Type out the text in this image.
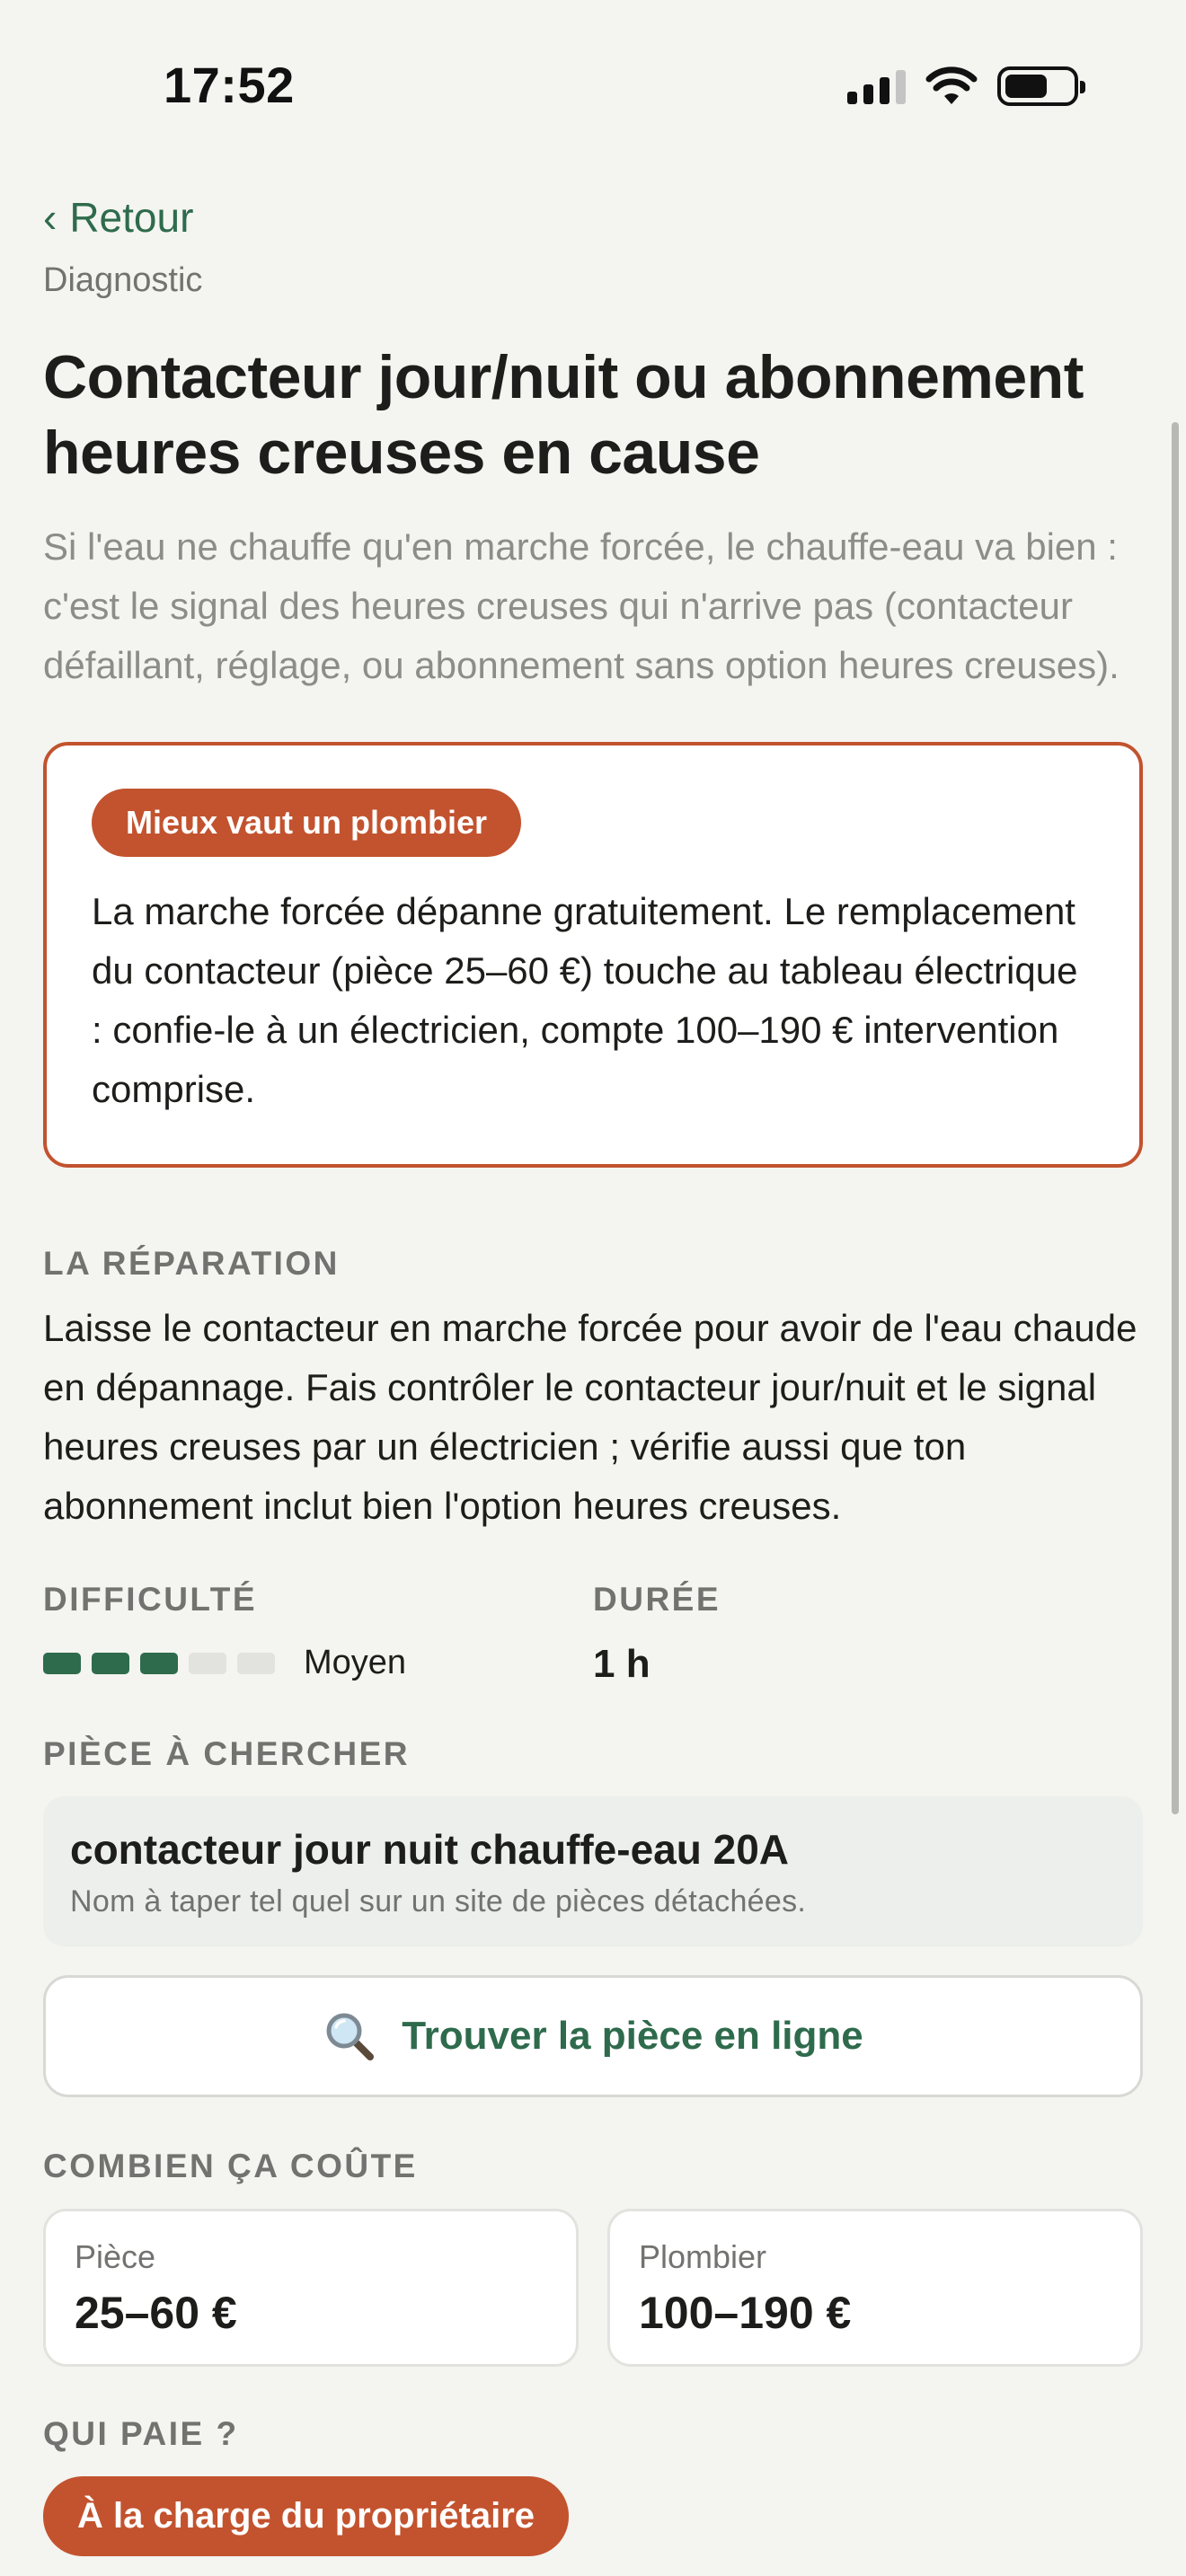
17:52
‹ Retour
Diagnostic
Contacteur jour/nuit ou abonnement heures creuses en cause

Si l'eau ne chauffe qu'en marche forcée, le chauffe-eau va bien : c'est le signal des heures creuses qui n'arrive pas (contacteur défaillant, réglage, ou abonnement sans option heures creuses).

Mieux vaut un plombier

La marche forcée dépanne gratuitement. Le remplacement du contacteur (pièce 25–60 €) touche au tableau électrique : confie-le à un électricien, compte 100–190 € intervention comprise.

LA RÉPARATION

Laisse le contacteur en marche forcée pour avoir de l'eau chaude en dépannage. Fais contrôler le contacteur jour/nuit et le signal heures creuses par un électricien ; vérifie aussi que ton abonnement inclut bien l'option heures creuses.

DIFFICULTÉ
Moyen
DURÉE
1 h
PIÈCE À CHERCHER
contacteur jour nuit chauffe-eau 20A
Nom à taper tel quel sur un site de pièces détachées.
Trouver la pièce en ligne
COMBIEN ÇA COÛTE
Pièce
25–60 €
Plombier
100–190 €
QUI PAIE ?
À la charge du propriétaire
